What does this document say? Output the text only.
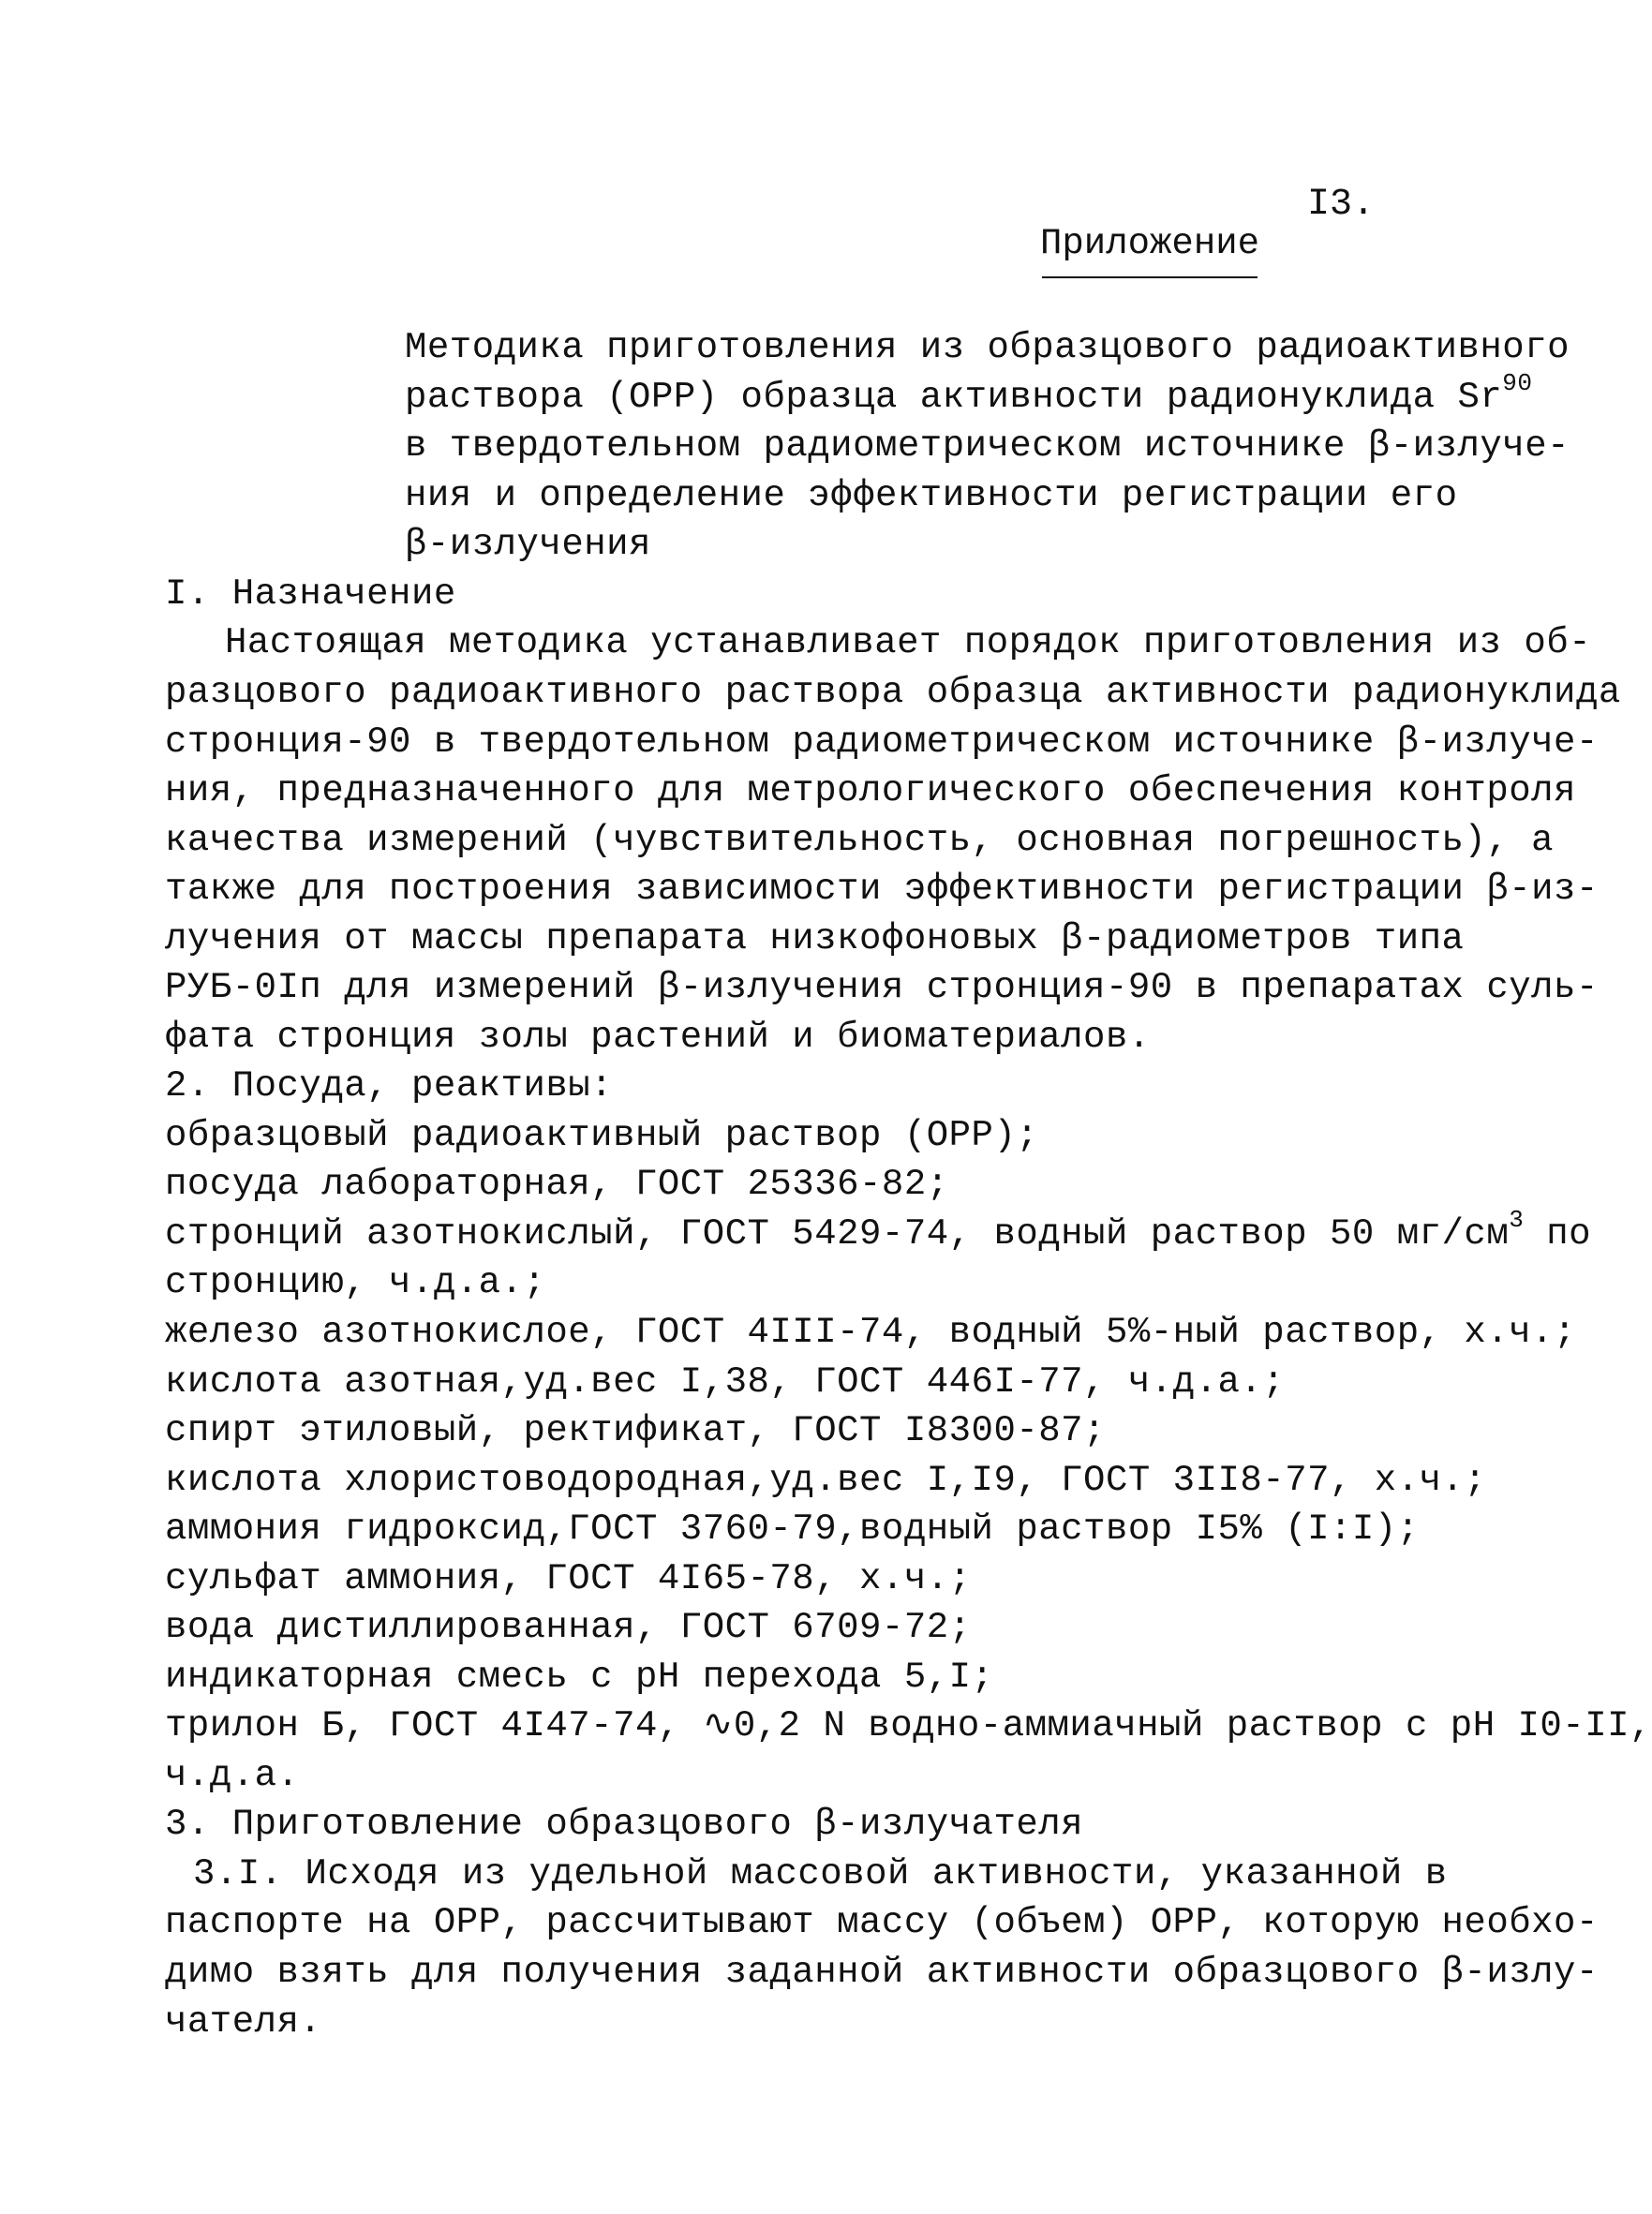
I3.
Приложение
Методика приготовления из образцового радиоактивного
раствора (ОРР) образца активности радионуклида Sr$^{90}$
в твердотельном радиометрическом источнике β-излуче-
ния и определение эффективности регистрации его
β-излучения
I. Назначение
Настоящая методика устанавливает порядок приготовления из об-
разцового радиоактивного раствора образца активности радионуклида
стронция-90 в твердотельном радиометрическом источнике β-излуче-
ния, предназначенного для метрологического обеспечения контроля
качества измерений (чувствительность, основная погрешность), а
также для построения зависимости эффективности регистрации β-из-
лучения от массы препарата низкофоновых β-радиометров типа
РУБ-0Iп для измерений β-излучения стронция-90 в препаратах суль-
фата стронция золы растений и биоматериалов.
2. Посуда, реактивы:
образцовый радиоактивный раствор (ОРР);
посуда лабораторная, ГОСТ 25336-82;
стронций азотнокислый, ГОСТ 5429-74, водный раствор 50 $мг/см^3$ по
стронцию, ч.д.а.;
железо азотнокислое, ГОСТ 4III-74, водный 5%-ный раствор, х.ч.;
кислота азотная,уд.вес I,38, ГОСТ 446I-77, ч.д.а.;
спирт этиловый, ректификат, ГОСТ I8300-87;
кислота хлористоводородная,уд.вес I,I9, ГОСТ 3II8-77, х.ч.;
аммония гидроксид,ГОСТ 3760-79,водный раствор I5% (I:I);
сульфат аммония, ГОСТ 4I65-78, х.ч.;
вода дистиллированная, ГОСТ 6709-72;
индикаторная смесь с рН перехода 5,I;
трилон Б, ГОСТ 4I47-74, ∿0,2 N водно-аммиачный раствор с рН I0-II,
ч.д.а.
3. Приготовление образцового β-излучателя
3.I. Исходя из удельной массовой активности, указанной в
паспорте на ОРР, рассчитывают массу (объем) ОРР, которую необхо-
димо взять для получения заданной активности образцового β-излу-
чателя.
